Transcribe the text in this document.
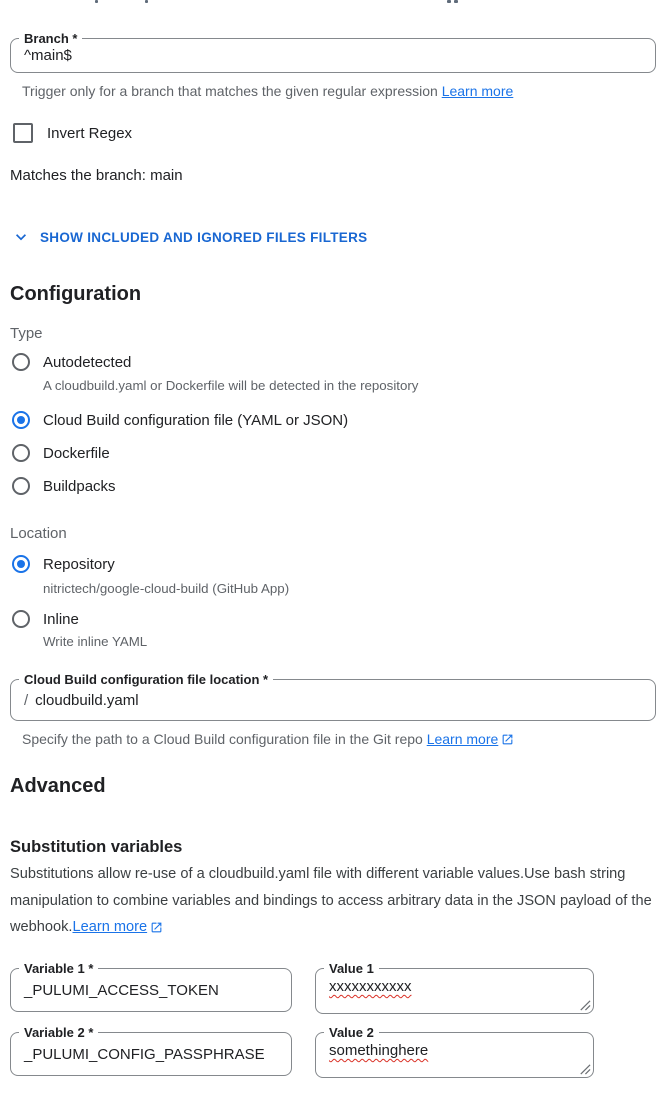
Branch *
^main$
Trigger only for a branch that matches the given regular expression Learn more
Invert Regex
Matches the branch: main
SHOW INCLUDED AND IGNORED FILES FILTERS
Configuration
Type
Autodetected
A cloudbuild.yaml or Dockerfile will be detected in the repository
Cloud Build configuration file (YAML or JSON)
Dockerfile
Buildpacks
Location
Repository
nitrictech/google-cloud-build (GitHub App)
Inline
Write inline YAML
Cloud Build configuration file location *
/ cloudbuild.yaml
Specify the path to a Cloud Build configuration file in the Git repo Learn more
Advanced
Substitution variables
Substitutions allow re-use of a cloudbuild.yaml file with different variable values.Use bash string manipulation to combine variables and bindings to access arbitrary data in the JSON payload of the webhook. Learn more
Variable 1 *
_PULUMI_ACCESS_TOKEN
Value 1
xxxxxxxxxxx
Variable 2 *
_PULUMI_CONFIG_PASSPHRASE
Value 2
somethinghere
